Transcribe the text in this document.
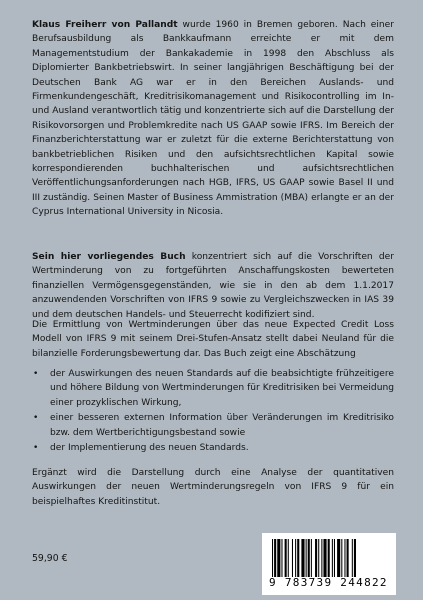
Klaus Freiherr von Pallandt wurde 1960 in Bremen geboren. Nach einer Berufsausbildung als Bankkaufmann erreichte er mit dem Managementstudium der Bankakademie in 1998 den Abschluss als Diplomierter Bankbetriebswirt. In seiner langjährigen Beschäftigung bei der Deutschen Bank AG war er in den Bereichen Auslands- und Firmenkundengeschäft, Kreditrisikomanagement und Risikocontrolling im In- und Ausland verantwortlich tätig und konzentrierte sich auf die Darstellung der Risikovorsorgen und Problemkredite nach US GAAP sowie IFRS. Im Bereich der Finanzberichterstattung war er zuletzt für die externe Berichterstattung von bankbetrieblichen Risiken und den aufsichtsrechtlichen Kapital sowie korrespondierenden buchhalterischen und aufsichtsrechtlichen Veröffentlichungsanforderungen nach HGB, IFRS, US GAAP sowie Basel II und III zuständig. Seinen Master of Business Ammistration (MBA) erlangte er an der Cyprus International University in Nicosia.

Sein hier vorliegendes Buch konzentriert sich auf die Vorschriften der Wertminderung von zu fortgeführten Anschaffungskosten bewerteten finanziellen Vermögensgegenständen, wie sie in den ab dem 1.1.2017 anzuwendenden Vorschriften von IFRS 9 sowie zu Vergleichszwecken in IAS 39 und dem deutschen Handels- und Steuerrecht kodifiziert sind.

Die Ermittlung von Wertminderungen über das neue Expected Credit Loss Modell von IFRS 9 mit seinem Drei-Stufen-Ansatz stellt dabei Neuland für die bilanzielle Forderungsbewertung dar. Das Buch zeigt eine Abschätzung

• der Auswirkungen des neuen Standards auf die beabsichtigte frühzeitigere und höhere Bildung von Wertminderungen für Kreditrisiken bei Vermeidung einer prozyklischen Wirkung,
• einer besseren externen Information über Veränderungen im Kreditrisiko bzw. dem Wertberichtigungsbestand sowie
• der Implementierung des neuen Standards.

Ergänzt wird die Darstellung durch eine Analyse der quantitativen Auswirkungen der neuen Wertminderungsregeln von IFRS 9 für ein beispielhaftes Kreditinstitut.

59,90 €
9 783739 244822
